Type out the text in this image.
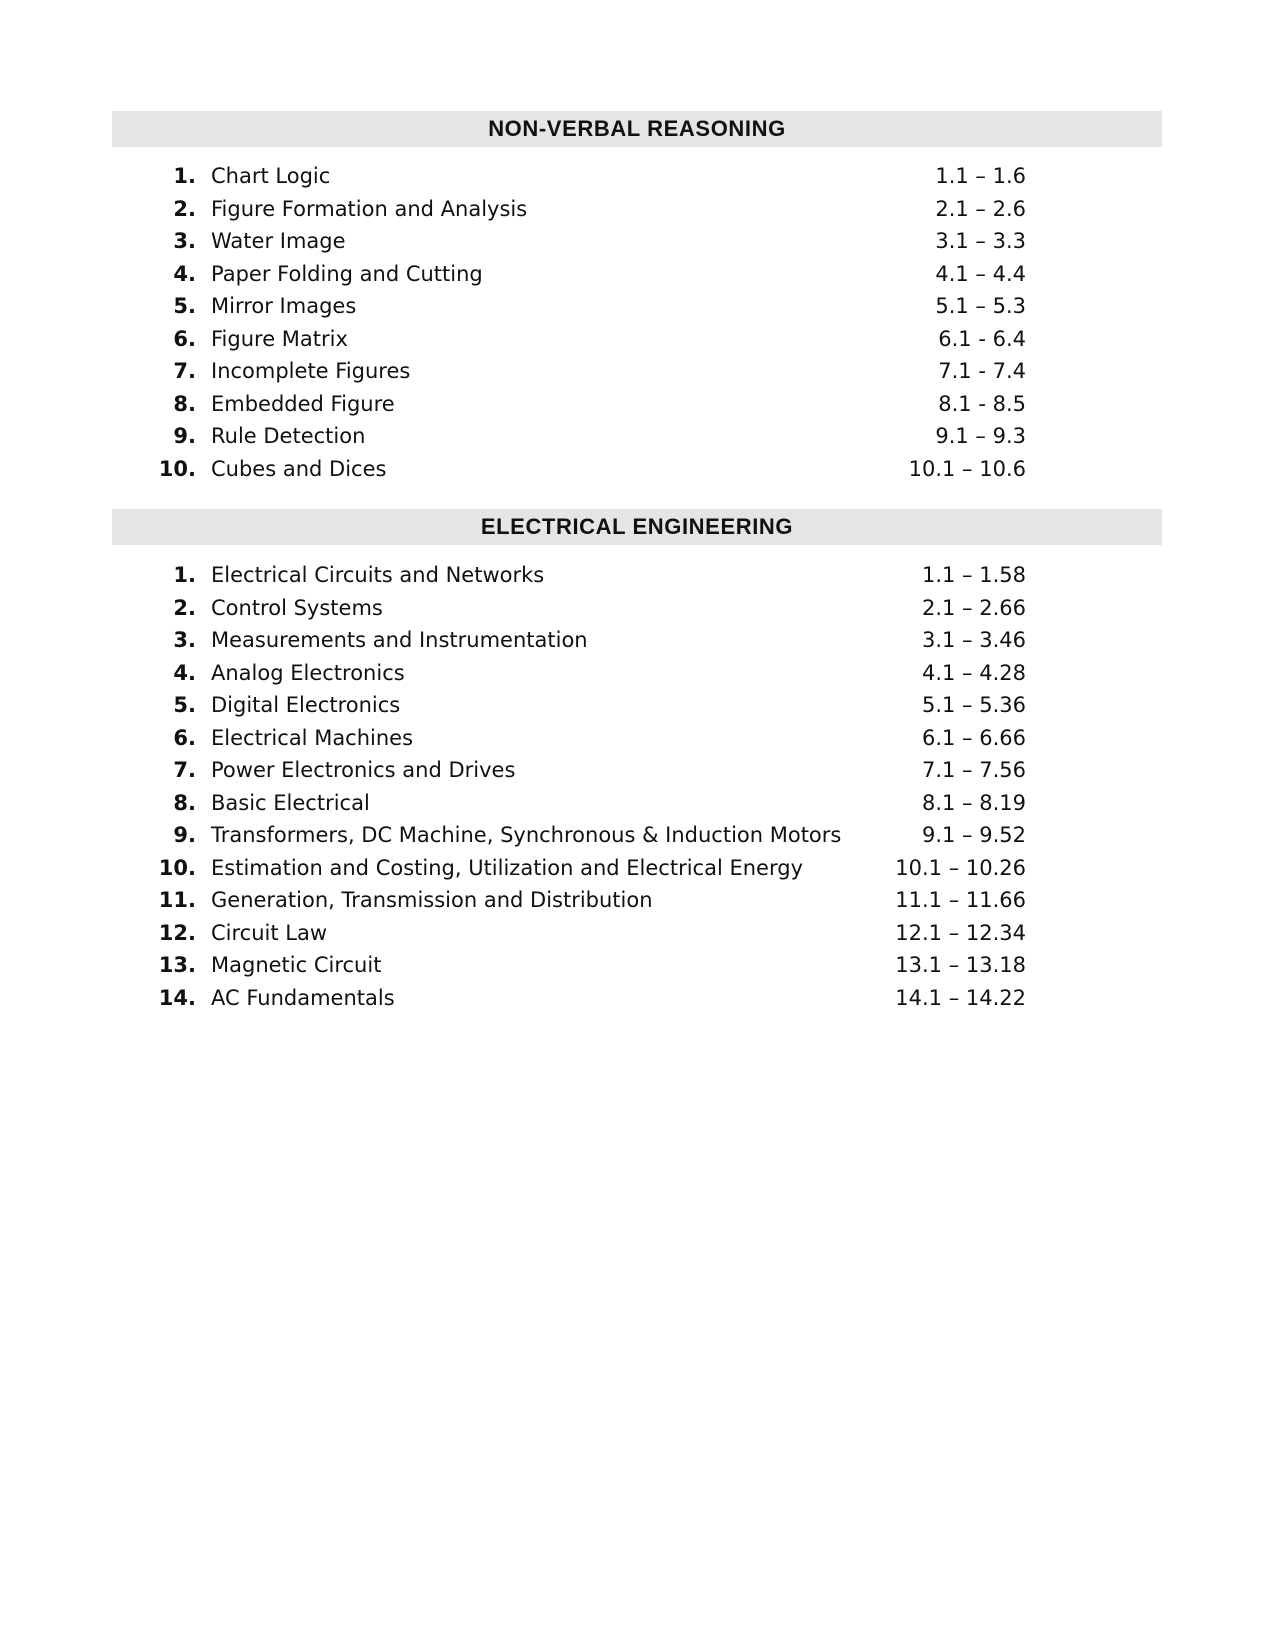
NON-VERBAL REASONING
1. Chart Logic	1.1 – 1.6
2. Figure Formation and Analysis	2.1 – 2.6
3. Water Image	3.1 – 3.3
4. Paper Folding and Cutting	4.1 – 4.4
5. Mirror Images	5.1 – 5.3
6. Figure Matrix	6.1 - 6.4
7. Incomplete Figures	7.1 - 7.4
8. Embedded Figure	8.1 - 8.5
9. Rule Detection	9.1 – 9.3
10. Cubes and Dices	10.1 – 10.6
ELECTRICAL ENGINEERING
1. Electrical Circuits and Networks	1.1 – 1.58
2. Control Systems	2.1 – 2.66
3. Measurements and Instrumentation	3.1 – 3.46
4. Analog Electronics	4.1 – 4.28
5. Digital Electronics	5.1 – 5.36
6. Electrical Machines	6.1 – 6.66
7. Power Electronics and Drives	7.1 – 7.56
8. Basic Electrical	8.1 – 8.19
9. Transformers, DC Machine, Synchronous & Induction Motors	9.1 – 9.52
10. Estimation and Costing, Utilization and Electrical Energy	10.1 – 10.26
11. Generation, Transmission and Distribution	11.1 – 11.66
12. Circuit Law	12.1 – 12.34
13. Magnetic Circuit	13.1 – 13.18
14. AC Fundamentals	14.1 – 14.22
